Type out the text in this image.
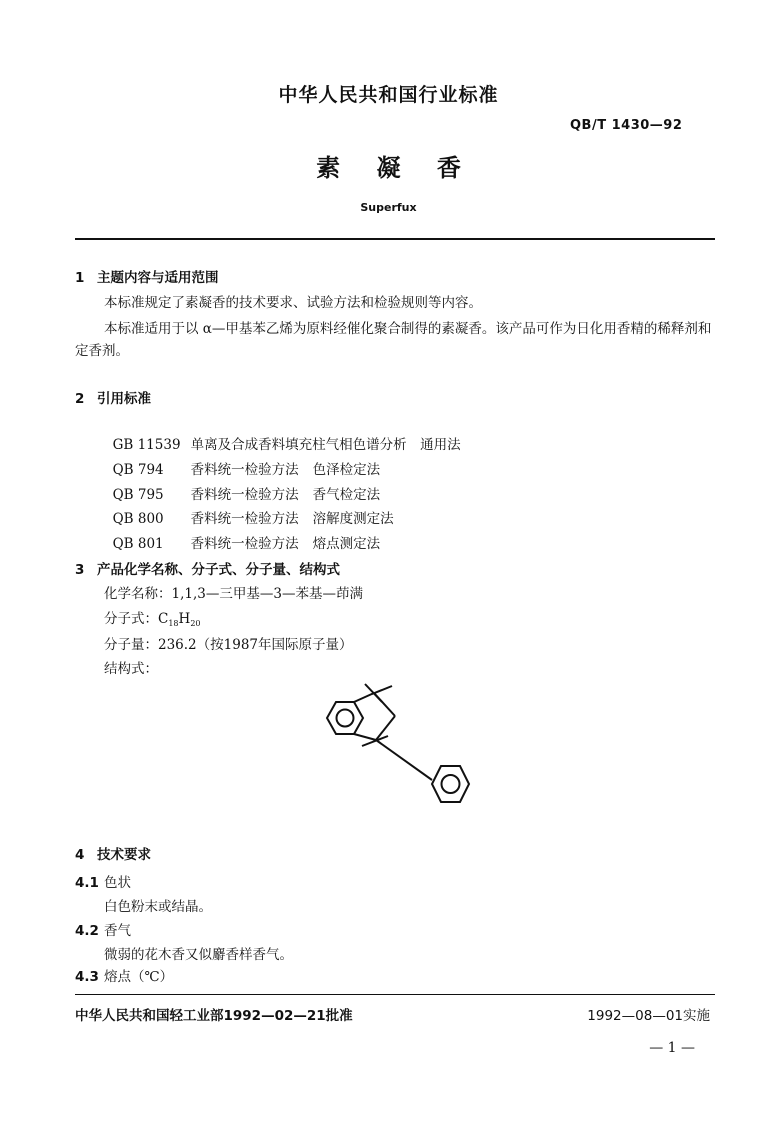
中华人民共和国行业标准
QB/T 1430—92
素 凝 香
Superfux
1 主题内容与适用范围
本标准规定了素凝香的技术要求、试验方法和检验规则等内容。
本标准适用于以 α—甲基苯乙烯为原料经催化聚合制得的素凝香。该产品可作为日化用香精的稀释剂和定香剂。
2 引用标准

GB 11539 单离及合成香料填充柱气相色谱分析　通用法

QB 794 香料统一检验方法 色泽检定法

QB 795 香料统一检验方法 香气检定法

QB 800 香料统一检验方法 溶解度测定法

QB 801 香料统一检验方法 熔点测定法

3 产品化学名称、分子式、分子量、结构式
化学名称：1,1,3—三甲基—3—苯基—茚满
分子式：$C_{18}H_{20}$
分子量：236.2（按1987年国际原子量）
结构式：
4 技术要求
4.1 色状
白色粉末或结晶。
4.2 香气
微弱的花木香又似麝香样香气。
4.3 熔点（℃）
中华人民共和国轻工业部1992—02—21批准	1992—08—01实施
— 1 —
